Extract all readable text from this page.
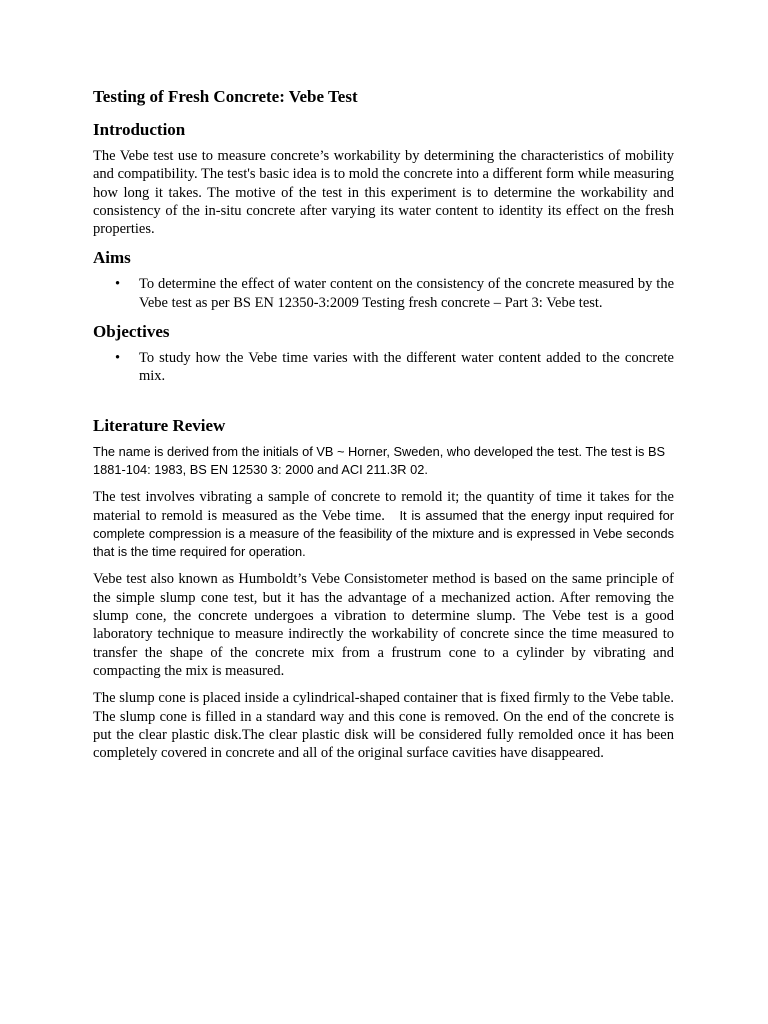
Testing of Fresh Concrete: Vebe Test
Introduction

The Vebe test use to measure concrete’s workability by determining the characteristics of mobility and compatibility. The test's basic idea is to mold the concrete into a different form while measuring how long it takes. The motive of the test in this experiment is to determine the workability and consistency of the in-situ concrete after varying its water content to identity its effect on the fresh properties.

Aims
• To determine the effect of water content on the consistency of the concrete measured by the Vebe test as per BS EN 12350-3:2009 Testing fresh concrete – Part 3: Vebe test.
Objectives
• To study how the Vebe time varies with the different water content added to the concrete mix.
Literature Review

The name is derived from the initials of VB ~ Horner, Sweden, who developed the test. The test is BS 1881-104: 1983, BS EN 12530 3: 2000 and ACI 211.3R 02.

The test involves vibrating a sample of concrete to remold it; the quantity of time it takes for the material to remold is measured as the Vebe time. It is assumed that the energy input required for complete compression is a measure of the feasibility of the mixture and is expressed in Vebe seconds that is the time required for operation.

Vebe test also known as Humboldt’s Vebe Consistometer method is based on the same principle of the simple slump cone test, but it has the advantage of a mechanized action. After removing the slump cone, the concrete undergoes a vibration to determine slump. The Vebe test is a good laboratory technique to measure indirectly the workability of concrete since the time measured to transfer the shape of the concrete mix from a frustrum cone to a cylinder by vibrating and compacting the mix is measured.

The slump cone is placed inside a cylindrical-shaped container that is fixed firmly to the Vebe table. The slump cone is filled in a standard way and this cone is removed. On the end of the concrete is put the clear plastic disk.The clear plastic disk will be considered fully remolded once it has been completely covered in concrete and all of the original surface cavities have disappeared.
